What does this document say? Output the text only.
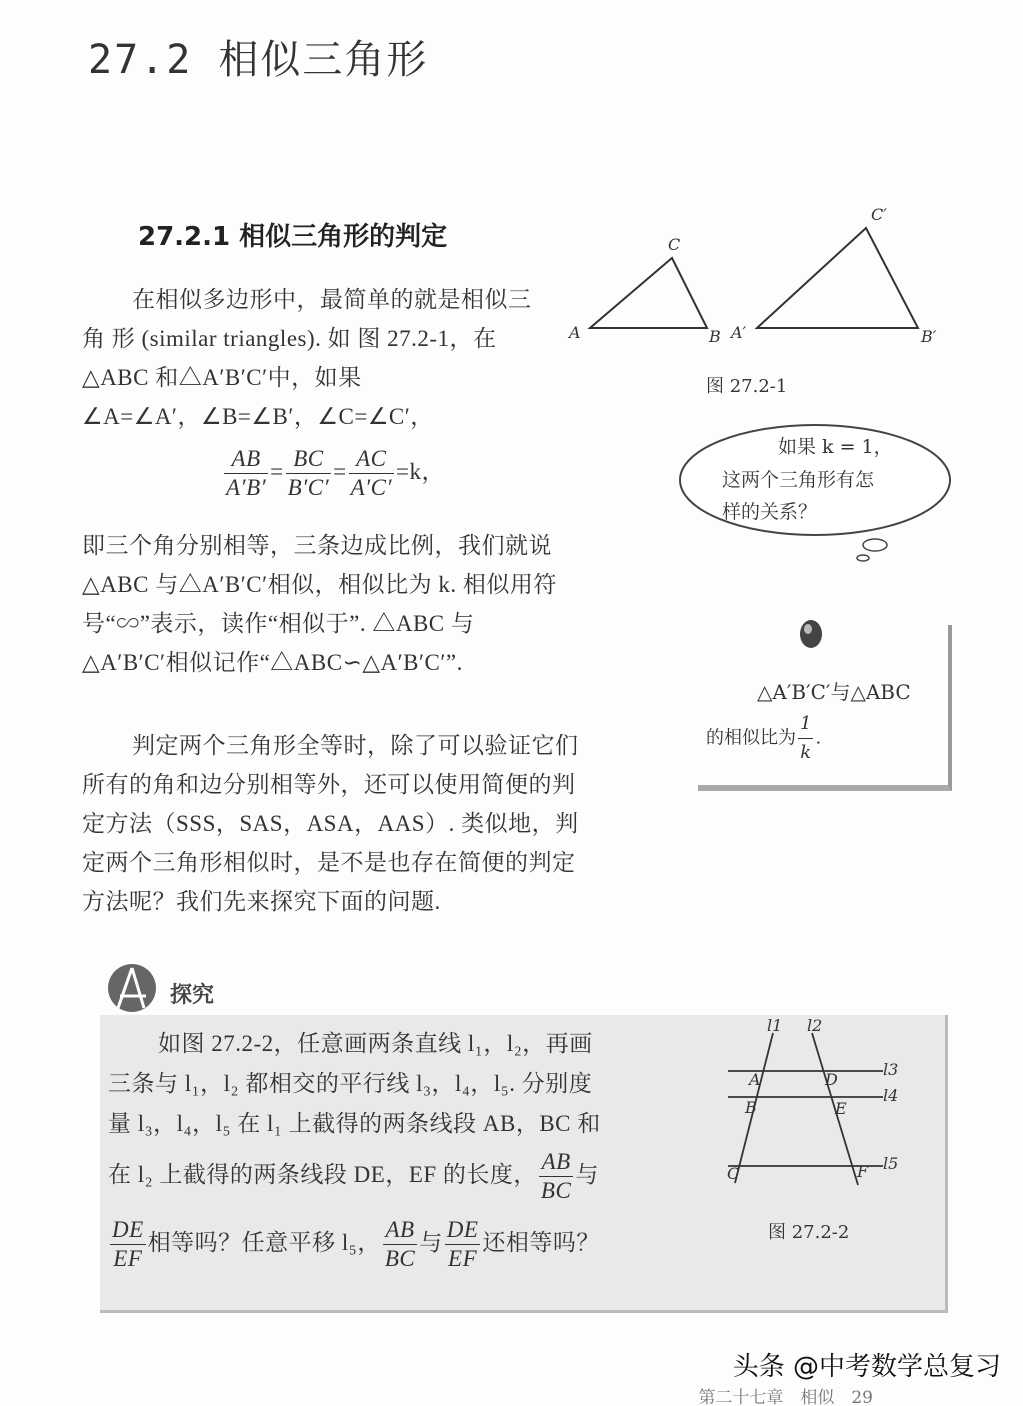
27.2 相似三角形
27.2.1 相似三角形的判定
在相似多边形中，最简单的就是相似三
角 形 (similar triangles). 如 图 27.2-1，在
△ABC 和△A′B′C′中，如果
∠A=∠A′，∠B=∠B′，∠C=∠C′，
$\frac{AB}{A'B'} = \frac{BC}{B'C'} = \frac{AC}{A'C'} =k$，
即三个角分别相等，三条边成比例，我们就说
△ABC 与△A′B′C′相似，相似比为 k. 相似用符
号“∽”表示，读作“相似于”. △ABC 与
△A′B′C′相似记作“△ABC∽△A′B′C′”.
判定两个三角形全等时，除了可以验证它们
所有的角和边分别相等外，还可以使用简便的判
定方法（SSS，SAS，ASA，AAS）. 类似地，判
定两个三角形相似时，是不是也存在简便的判定
方法呢？我们先来探究下面的问题.
A	B
C
A′	B′
C′
图 27.2-1
如果 k = 1，
这两个三角形有怎
样的关系？
△A′B′C′与△ABC
的相似比为 $\frac{1}{k}$ .
探究
如图 27.2-2，任意画两条直线 l₁，l₂，再画
三条与 l₁，l₂ 都相交的平行线 l₃，l₄，l₅. 分别度
量 l₃，l₄，l₅ 在 l₁ 上截得的两条线段 AB，BC 和
在 l₂ 上截得的两条线段 DE，EF 的长度， $\frac{AB}{BC}$ 与
$\frac{DE}{EF}$ 相等吗？任意平移 l₅， $\frac{AB}{BC}$ 与 $\frac{DE}{EF}$ 还相等吗？
l1 l2
l3
l4
l5
A
B
C
D
E
F
图 27.2-2
头条 @中考数学总复习
第二十七章　相似　29
